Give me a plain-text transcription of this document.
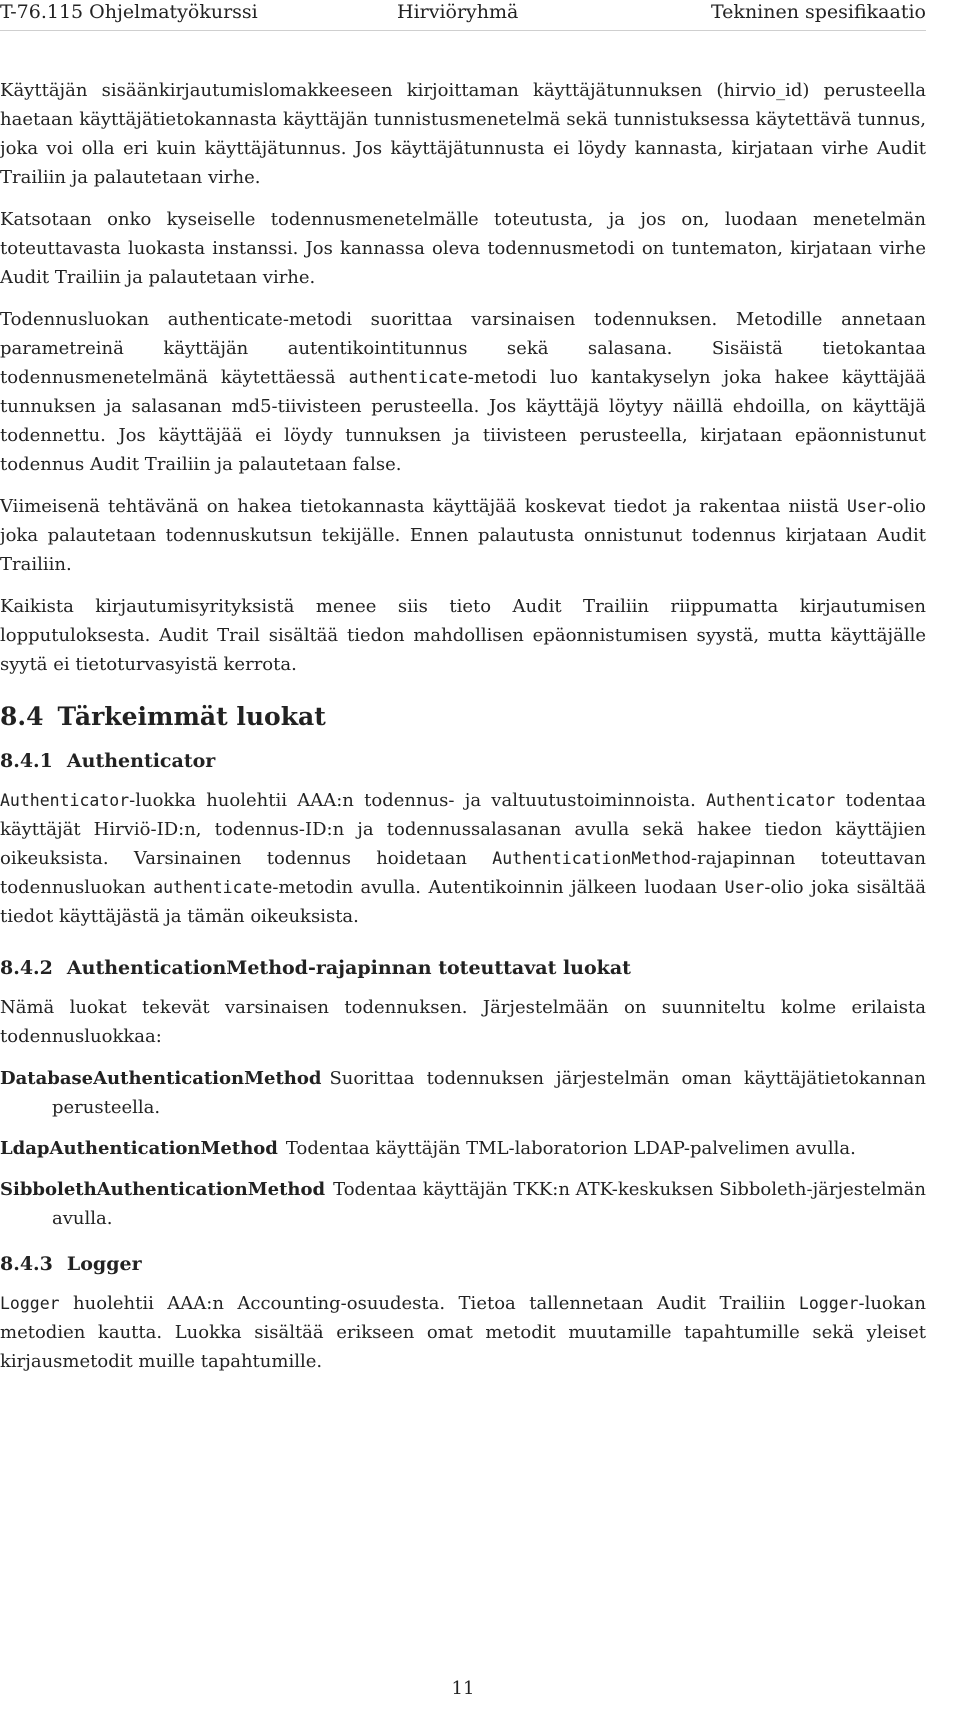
T-76.115 Ohjelmatyökurssi	Hirviöryhmä	Tekninen spesifikaatio

Käyttäjän sisäänkirjautumislomakkeeseen kirjoittaman käyttäjätunnuksen (hirvio_id) perusteella haetaan käyttäjätietokannasta käyttäjän tunnistusmenetelmä sekä tunnistuksessa käytettävä tunnus, joka voi olla eri kuin käyttäjätunnus. Jos käyttäjätunnusta ei löydy kannasta, kirjataan virhe Audit Trailiin ja palautetaan virhe.

Katsotaan onko kyseiselle todennusmenetelmälle toteutusta, ja jos on, luodaan menetelmän toteuttavasta luokasta instanssi. Jos kannassa oleva todennusmetodi on tuntematon, kirjataan virhe Audit Trailiin ja palautetaan virhe.

Todennusluokan authenticate-metodi suorittaa varsinaisen todennuksen. Metodille annetaan parametreinä käyttäjän autentikointitunnus sekä salasana. Sisäistä tietokantaa todennusmenetelmänä käytettäessä authenticate-metodi luo kantakyselyn joka hakee käyttäjää tunnuksen ja salasanan md5-tiivisteen perusteella. Jos käyttäjä löytyy näillä ehdoilla, on käyttäjä todennettu. Jos käyttäjää ei löydy tunnuksen ja tiivisteen perusteella, kirjataan epäonnistunut todennus Audit Trailiin ja palautetaan false.

Viimeisenä tehtävänä on hakea tietokannasta käyttäjää koskevat tiedot ja rakentaa niistä User-olio joka palautetaan todennuskutsun tekijälle. Ennen palautusta onnistunut todennus kirjataan Audit Trailiin.

Kaikista kirjautumisyrityksistä menee siis tieto Audit Trailiin riippumatta kirjautumisen lopputuloksesta. Audit Trail sisältää tiedon mahdollisen epäonnistumisen syystä, mutta käyttäjälle syytä ei tietoturvasyistä kerrota.

8.4 Tärkeimmät luokat
8.4.1 Authenticator

Authenticator-luokka huolehtii AAA:n todennus- ja valtuutustoiminnoista. Authenticator todentaa käyttäjät Hirviö-ID:n, todennus-ID:n ja todennussalasanan avulla sekä hakee tiedon käyttäjien oikeuksista. Varsinainen todennus hoidetaan AuthenticationMethod-rajapinnan toteuttavan todennusluokan authenticate-metodin avulla. Autentikoinnin jälkeen luodaan User-olio joka sisältää tiedot käyttäjästä ja tämän oikeuksista.

8.4.2 AuthenticationMethod-rajapinnan toteuttavat luokat

Nämä luokat tekevät varsinaisen todennuksen. Järjestelmään on suunniteltu kolme erilaista todennusluokkaa:

DatabaseAuthenticationMethod Suorittaa todennuksen järjestelmän oman käyttäjätietokannan perusteella.
LdapAuthenticationMethod Todentaa käyttäjän TML-laboratorion LDAP-palvelimen avulla.
SibbolethAuthenticationMethod Todentaa käyttäjän TKK:n ATK-keskuksen Sibboleth-järjestelmän avulla.
8.4.3 Logger

Logger huolehtii AAA:n Accounting-osuudesta. Tietoa tallennetaan Audit Trailiin Logger-luokan metodien kautta. Luokka sisältää erikseen omat metodit muutamille tapahtumille sekä yleiset kirjausmetodit muille tapahtumille.

11
